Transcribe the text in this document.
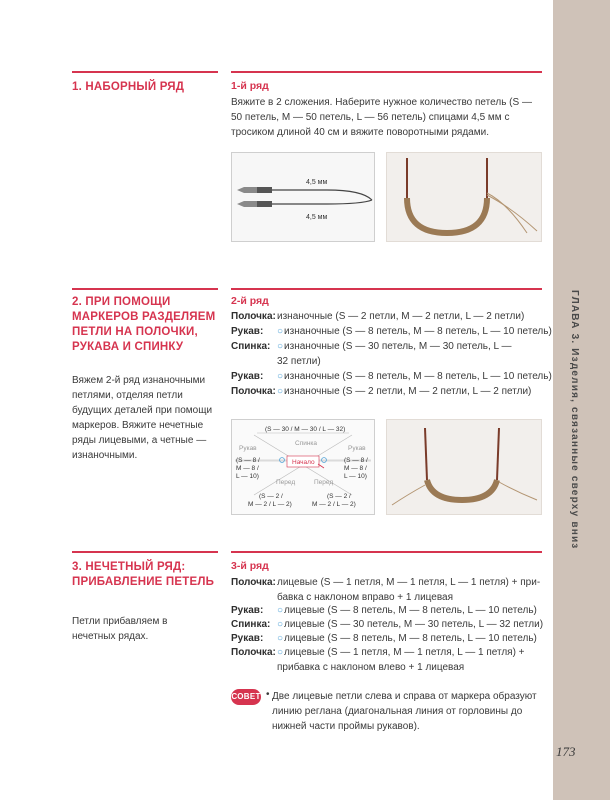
ГЛАВА 3. Изделия, связанные сверху вниз
173
1. НАБОРНЫЙ РЯД	1-й ряд
Вяжите в 2 сложения. Наберите нужное количество петель (S — 50 петель, M — 50 петель, L — 56 петель) спицами 4,5 мм с тросиком длиной 40 см и вяжите поворотными рядами.
4,5 мм
4,5 мм
2. ПРИ ПОМОЩИ МАРКЕРОВ РАЗДЕЛЯЕМ ПЕТЛИ НА ПОЛОЧКИ, РУКАВА И СПИНКУ
Вяжем 2-й ряд изнаночными петлями, отделяя петли будущих деталей при помощи маркеров. Вяжите нечетные ряды лицевыми, а четные — изнаночными.
2-й ряд
Полочка: изнаночные (S — 2 петли, M — 2 петли, L — 2 петли)
Рукав:	○ изнаночные (S — 8 петель, M — 8 петель, L — 10 петель)
Спинка: ○ изнаночные (S — 30 петель, M — 30 петель, L —
32 петли)
Рукав:	○ изнаночные (S — 8 петель, M — 8 петель, L — 10 петель)
Полочка: ○ изнаночные (S — 2 петли, M — 2 петли, L — 2 петли)
(S — 30 / M — 30 / L — 32)
Спинка
Рукав	Рукав
Начало
(S — 8 /
M — 8 /
L — 10)
(S — 8 /
M — 8 /
L — 10)
Перед	Перед
(S — 2 /
M — 2 / L — 2)
(S — 2 /
M — 2 / L — 2)
3. НЕЧЕТНЫЙ РЯД: ПРИБАВЛЕНИЕ ПЕТЕЛЬ
Петли прибавляем в нечетных рядах.
3-й ряд
Полочка: лицевые (S — 1 петля, M — 1 петля, L — 1 петля) + при-
бавка с наклоном вправо + 1 лицевая
Рукав:	○ лицевые (S — 8 петель, M — 8 петель, L — 10 петель)
Спинка: ○ лицевые (S — 30 петель, M — 30 петель, L — 32 петли)
Рукав:	○ лицевые (S — 8 петель, M — 8 петель, L — 10 петель)
Полочка: ○ лицевые (S — 1 петля, M — 1 петля, L — 1 петля) +
прибавка с наклоном влево + 1 лицевая
СОВЕТ • Две лицевые петли слева и справа от маркера образуют линию реглана (диагональная линия от горловины до нижней части проймы рукавов).
